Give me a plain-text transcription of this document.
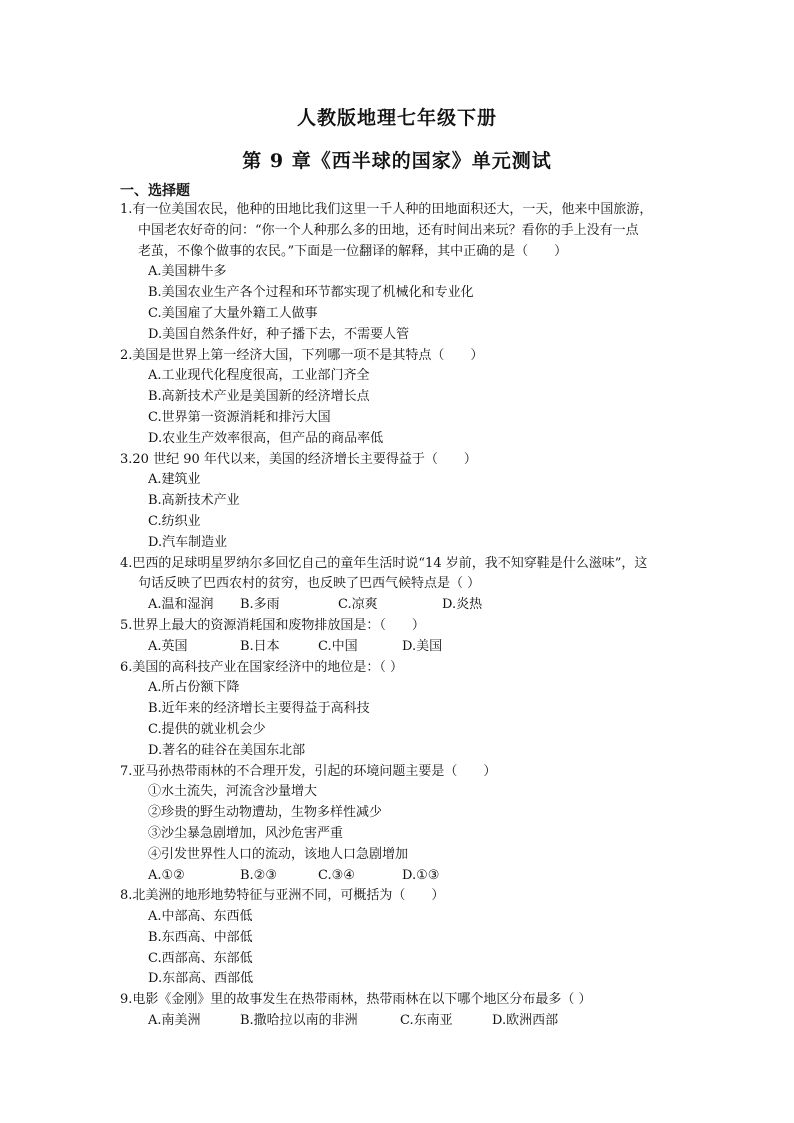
人教版地理七年级下册
第 9 章《西半球的国家》单元测试
一、选择题
1.有一位美国农民，他种的田地比我们这里一千人种的田地面积还大，一天，他来中国旅游，
中国老农好奇的问：“你一个人种那么多的田地，还有时间出来玩？看你的手上没有一点
老茧，不像个做事的农民。”下面是一位翻译的解释，其中正确的是（　　）
A.美国耕牛多
B.美国农业生产各个过程和环节都实现了机械化和专业化
C.美国雇了大量外籍工人做事
D.美国自然条件好，种子播下去，不需要人管
2.美国是世界上第一经济大国，下列哪一项不是其特点（　　）
A.工业现代化程度很高，工业部门齐全
B.高新技术产业是美国新的经济增长点
C.世界第一资源消耗和排污大国
D.农业生产效率很高，但产品的商品率低
3.20 世纪 90 年代以来，美国的经济增长主要得益于（　　）
A.建筑业
B.高新技术产业
C.纺织业
D.汽车制造业
4.巴西的足球明星罗纳尔多回忆自己的童年生活时说“14 岁前，我不知穿鞋是什么滋味”，这
句话反映了巴西农村的贫穷，也反映了巴西气候特点是（ ）
A.温和湿润	B.多雨	C.凉爽	D.炎热
5.世界上最大的资源消耗国和废物排放国是：（　　）
A.英国	B.日本	C.中国	D.美国
6.美国的高科技产业在国家经济中的地位是：（ ）
A.所占份额下降
B.近年来的经济增长主要得益于高科技
C.提供的就业机会少
D.著名的硅谷在美国东北部
7.亚马孙热带雨林的不合理开发，引起的环境问题主要是（　　）
①水土流失，河流含沙量增大
②珍贵的野生动物遭劫，生物多样性减少
③沙尘暴急剧增加，风沙危害严重
④引发世界性人口的流动，该地人口急剧增加
A.①②	B.②③	C.③④	D.①③
8.北美洲的地形地势特征与亚洲不同，可概括为（　　）
A.中部高、东西低
B.东西高、中部低
C.西部高、东部低
D.东部高、西部低
9.电影《金刚》里的故事发生在热带雨林，热带雨林在以下哪个地区分布最多（ ）
A.南美洲	B.撒哈拉以南的非洲	C.东南亚	D.欧洲西部
